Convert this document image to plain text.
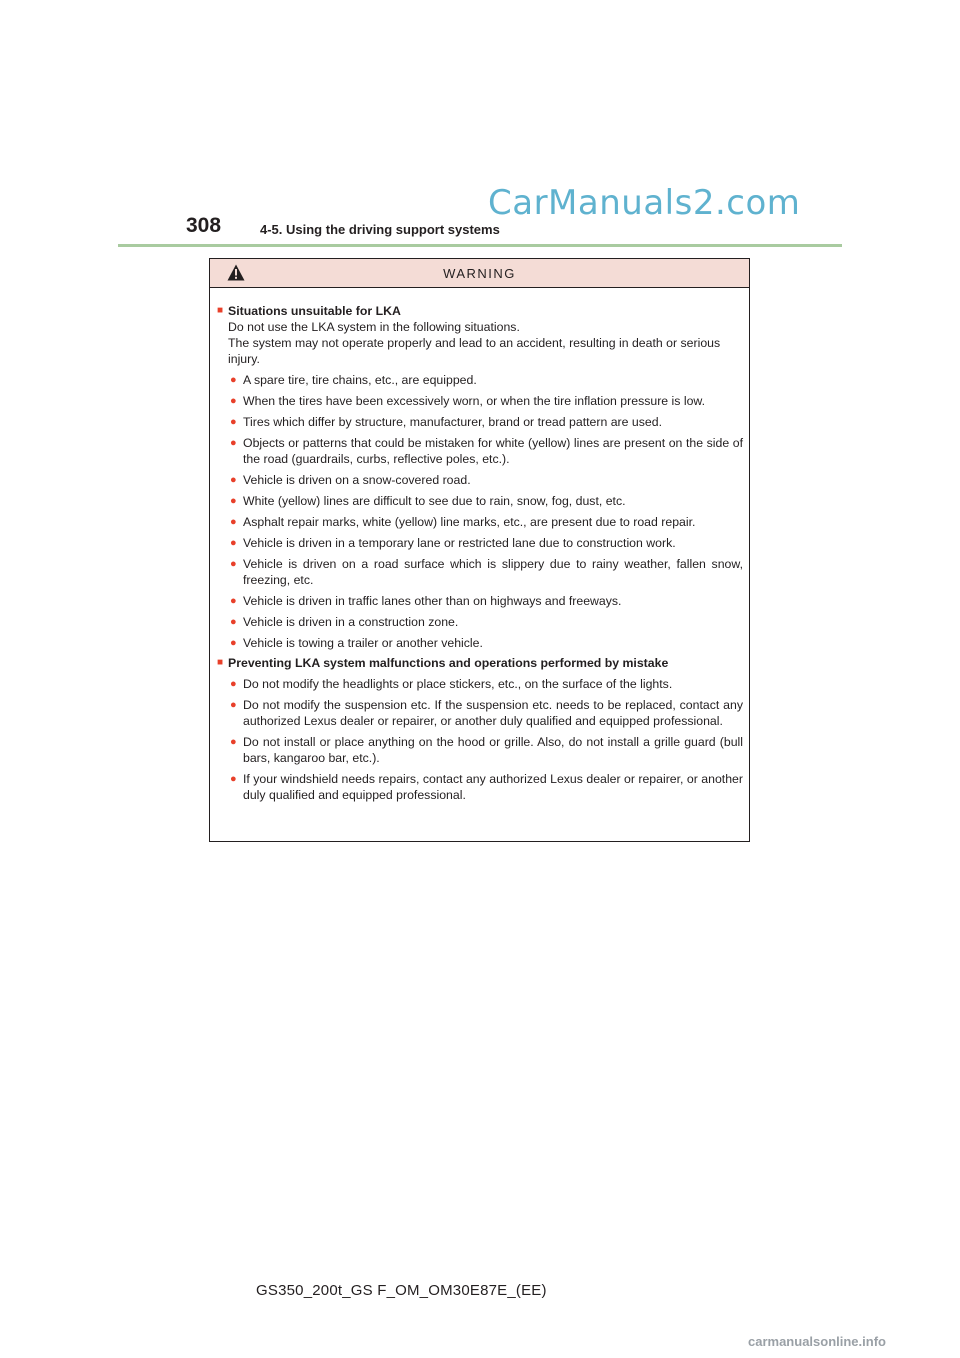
CarManuals2.com
308	4-5. Using the driving support systems
WARNING
■ Situations unsuitable for LKA
Do not use the LKA system in the following situations.
The system may not operate properly and lead to an accident, resulting in death or serious injury.
● A spare tire, tire chains, etc., are equipped.
● When the tires have been excessively worn, or when the tire inflation pressure is low.
● Tires which differ by structure, manufacturer, brand or tread pattern are used.
● Objects or patterns that could be mistaken for white (yellow) lines are present on the side of the road (guardrails, curbs, reflective poles, etc.).
● Vehicle is driven on a snow-covered road.
● White (yellow) lines are difficult to see due to rain, snow, fog, dust, etc.
● Asphalt repair marks, white (yellow) line marks, etc., are present due to road repair.
● Vehicle is driven in a temporary lane or restricted lane due to construction work.
● Vehicle is driven on a road surface which is slippery due to rainy weather, fallen snow, freezing, etc.
● Vehicle is driven in traffic lanes other than on highways and freeways.
● Vehicle is driven in a construction zone.
● Vehicle is towing a trailer or another vehicle.
■ Preventing LKA system malfunctions and operations performed by mistake
● Do not modify the headlights or place stickers, etc., on the surface of the lights.
● Do not modify the suspension etc. If the suspension etc. needs to be replaced, contact any authorized Lexus dealer or repairer, or another duly qualified and equipped professional.
● Do not install or place anything on the hood or grille. Also, do not install a grille guard (bull bars, kangaroo bar, etc.).
● If your windshield needs repairs, contact any authorized Lexus dealer or repairer, or another duly qualified and equipped professional.
GS350_200t_GS F_OM_OM30E87E_(EE)
carmanualsonline.info
